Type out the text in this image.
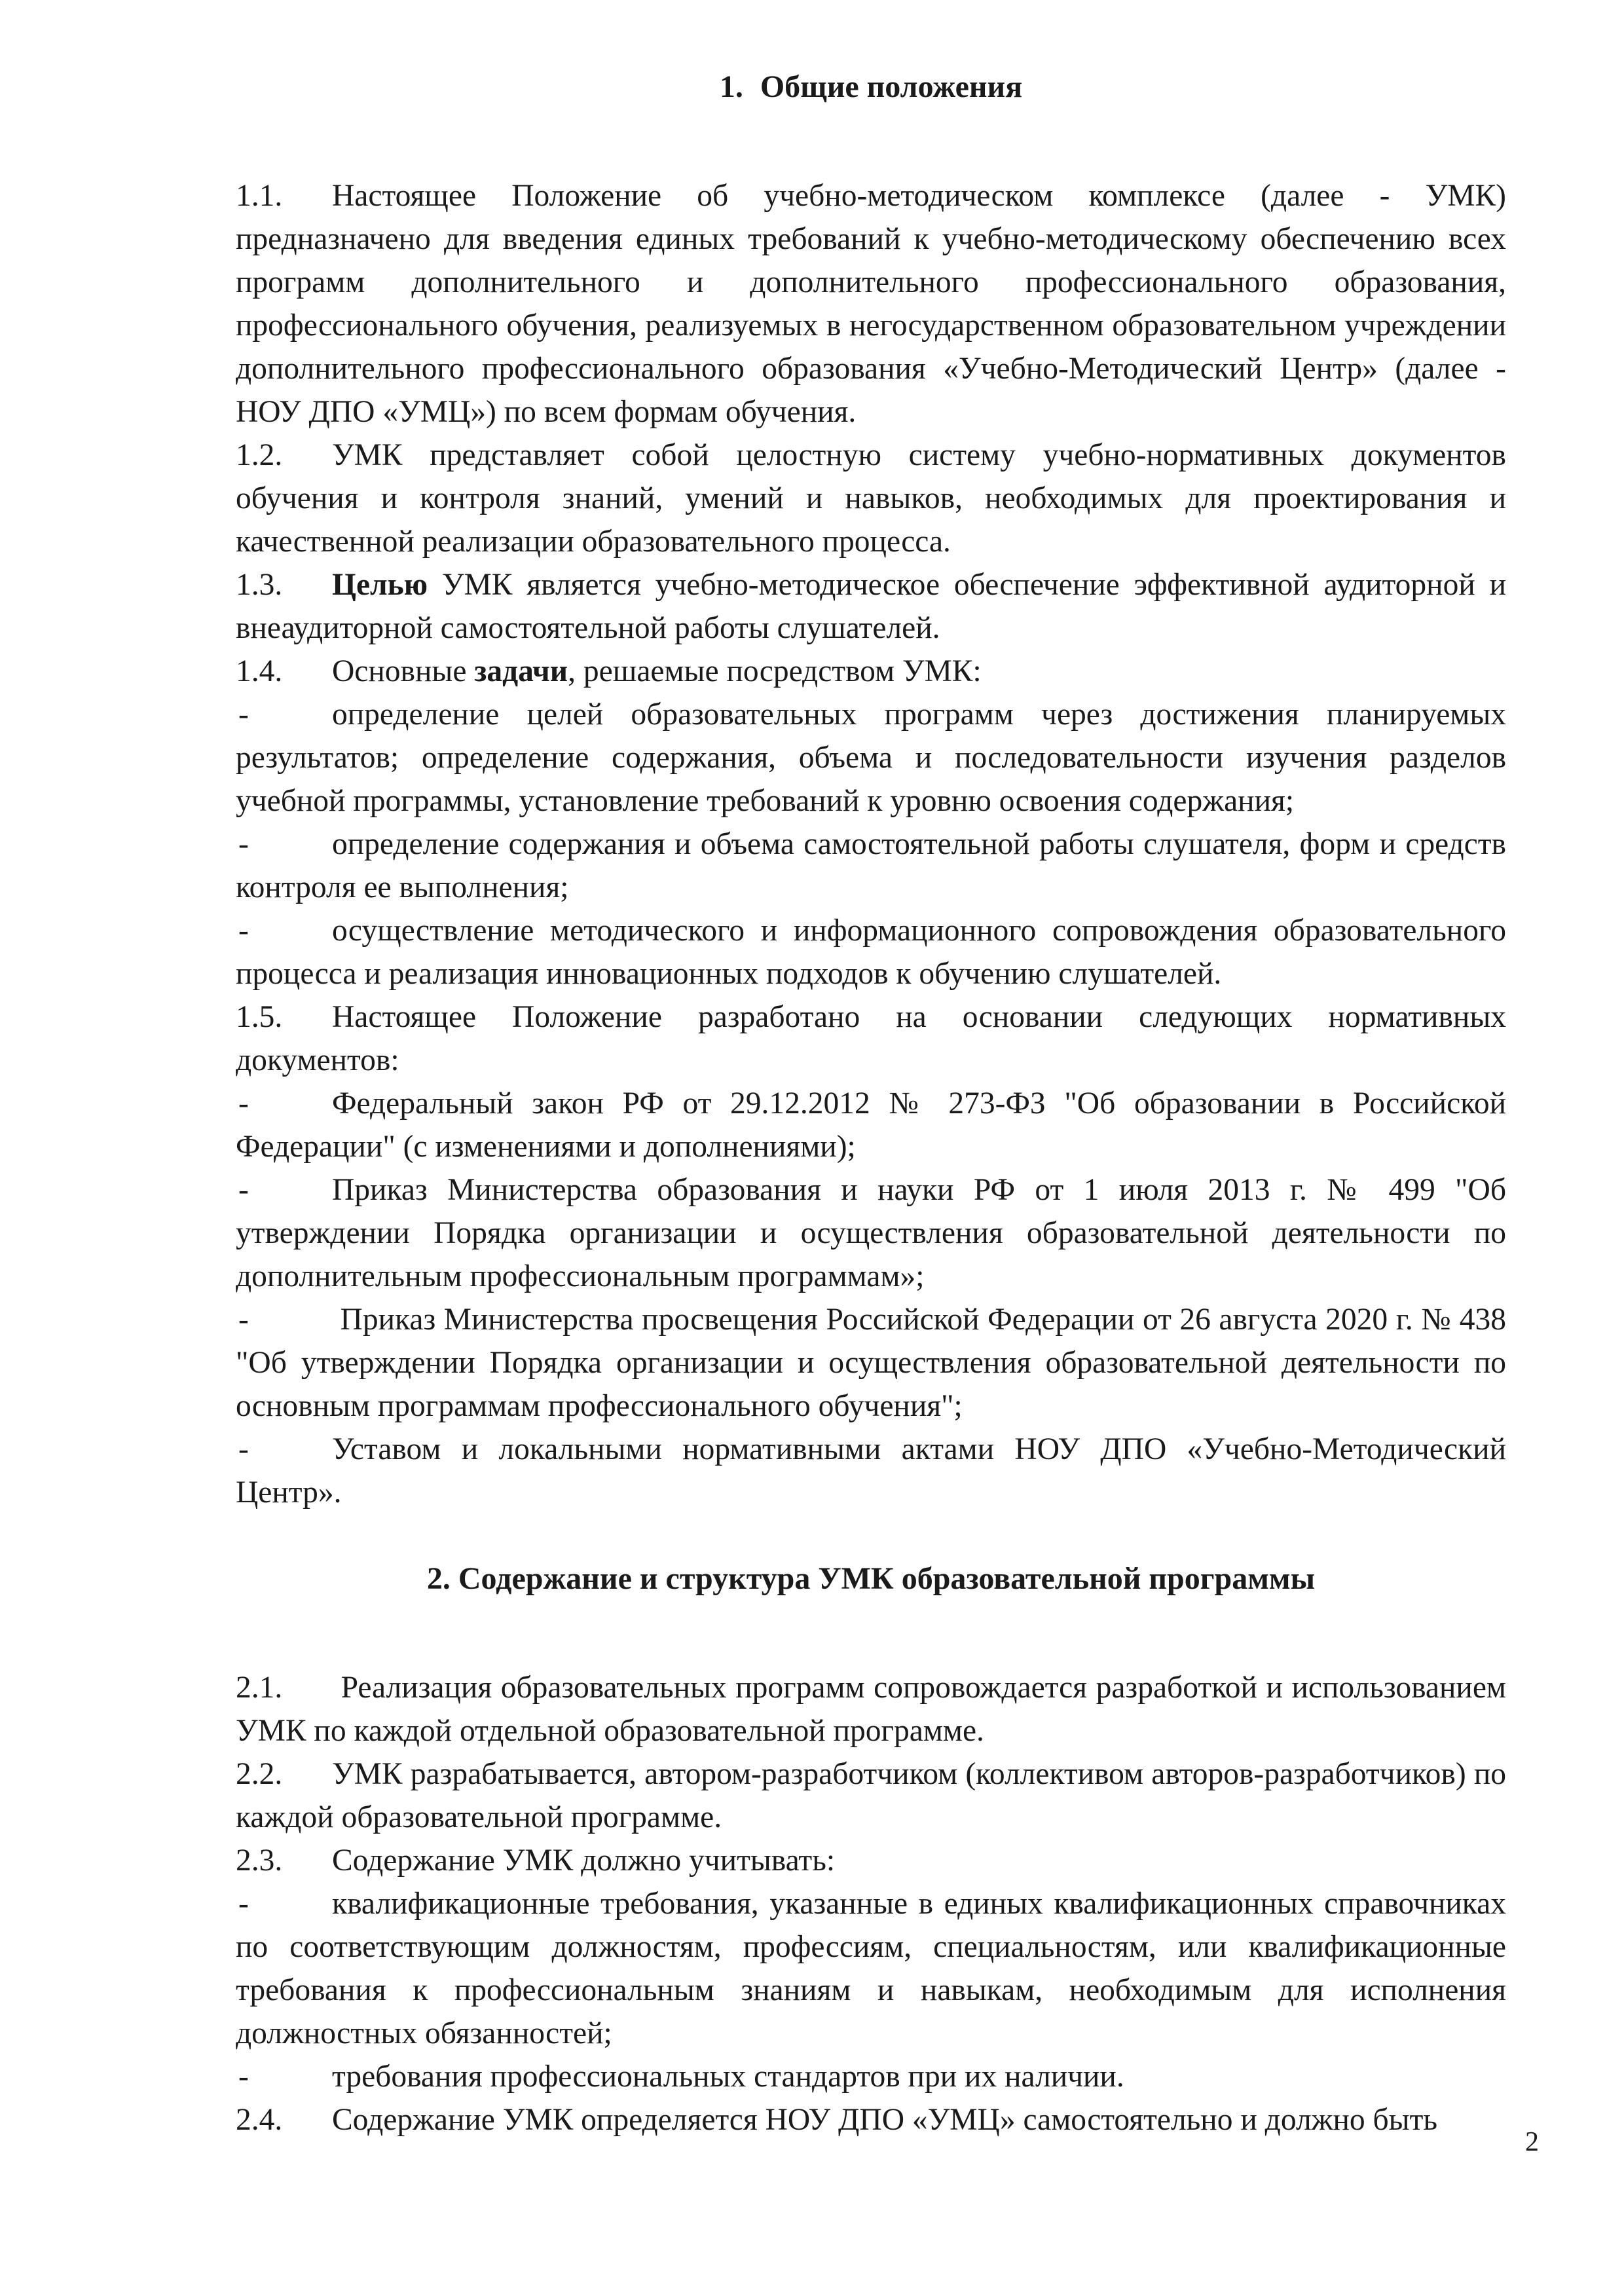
1. Общие положения

1.1. Настоящее Положение об учебно-методическом комплексе (далее - УМК) предназначено для введения единых требований к учебно-методическому обеспечению всех программ дополнительного и дополнительного профессионального образования, профессионального обучения, реализуемых в негосударственном образовательном учреждении дополнительного профессионального образования «Учебно-Методический Центр» (далее - НОУ ДПО «УМЦ») по всем формам обучения.

1.2. УМК представляет собой целостную систему учебно-нормативных документов обучения и контроля знаний, умений и навыков, необходимых для проектирования и качественной реализации образовательного процесса.

1.3. Целью УМК является учебно-методическое обеспечение эффективной аудиторной и внеаудиторной самостоятельной работы слушателей.

1.4. Основные задачи, решаемые посредством УМК:

-	определение целей образовательных программ через достижения планируемых результатов; определение содержания, объема и последовательности изучения разделов учебной программы, установление требований к уровню освоения содержания;

-	определение содержания и объема самостоятельной работы слушателя, форм и средств контроля ее выполнения;

-	осуществление методического и информационного сопровождения образовательного процесса и реализация инновационных подходов к обучению слушателей.

1.5. Настоящее Положение разработано на основании следующих нормативных документов:

-	Федеральный закон РФ от 29.12.2012 № 273-ФЗ "Об образовании в Российской Федерации" (с изменениями и дополнениями);

-	Приказ Министерства образования и науки РФ от 1 июля 2013 г. № 499 "Об утверждении Порядка организации и осуществления образовательной деятельности по дополнительным профессиональным программам»;

-	Приказ Министерства просвещения Российской Федерации от 26 августа 2020 г. № 438 "Об утверждении Порядка организации и осуществления образовательной деятельности по основным программам профессионального обучения";

-	Уставом и локальными нормативными актами НОУ ДПО «Учебно-Методический Центр».

2. Содержание и структура УМК образовательной программы

2.1. Реализация образовательных программ сопровождается разработкой и использованием УМК по каждой отдельной образовательной программе.

2.2. УМК разрабатывается, автором-разработчиком (коллективом авторов-разработчиков) по каждой образовательной программе.

2.3. Содержание УМК должно учитывать:

-	квалификационные требования, указанные в единых квалификационных справочниках по соответствующим должностям, профессиям, специальностям, или квалификационные требования к профессиональным знаниям и навыкам, необходимым для исполнения должностных обязанностей;

-	требования профессиональных стандартов при их наличии.

2.4. Содержание УМК определяется НОУ ДПО «УМЦ» самостоятельно и должно быть

2
